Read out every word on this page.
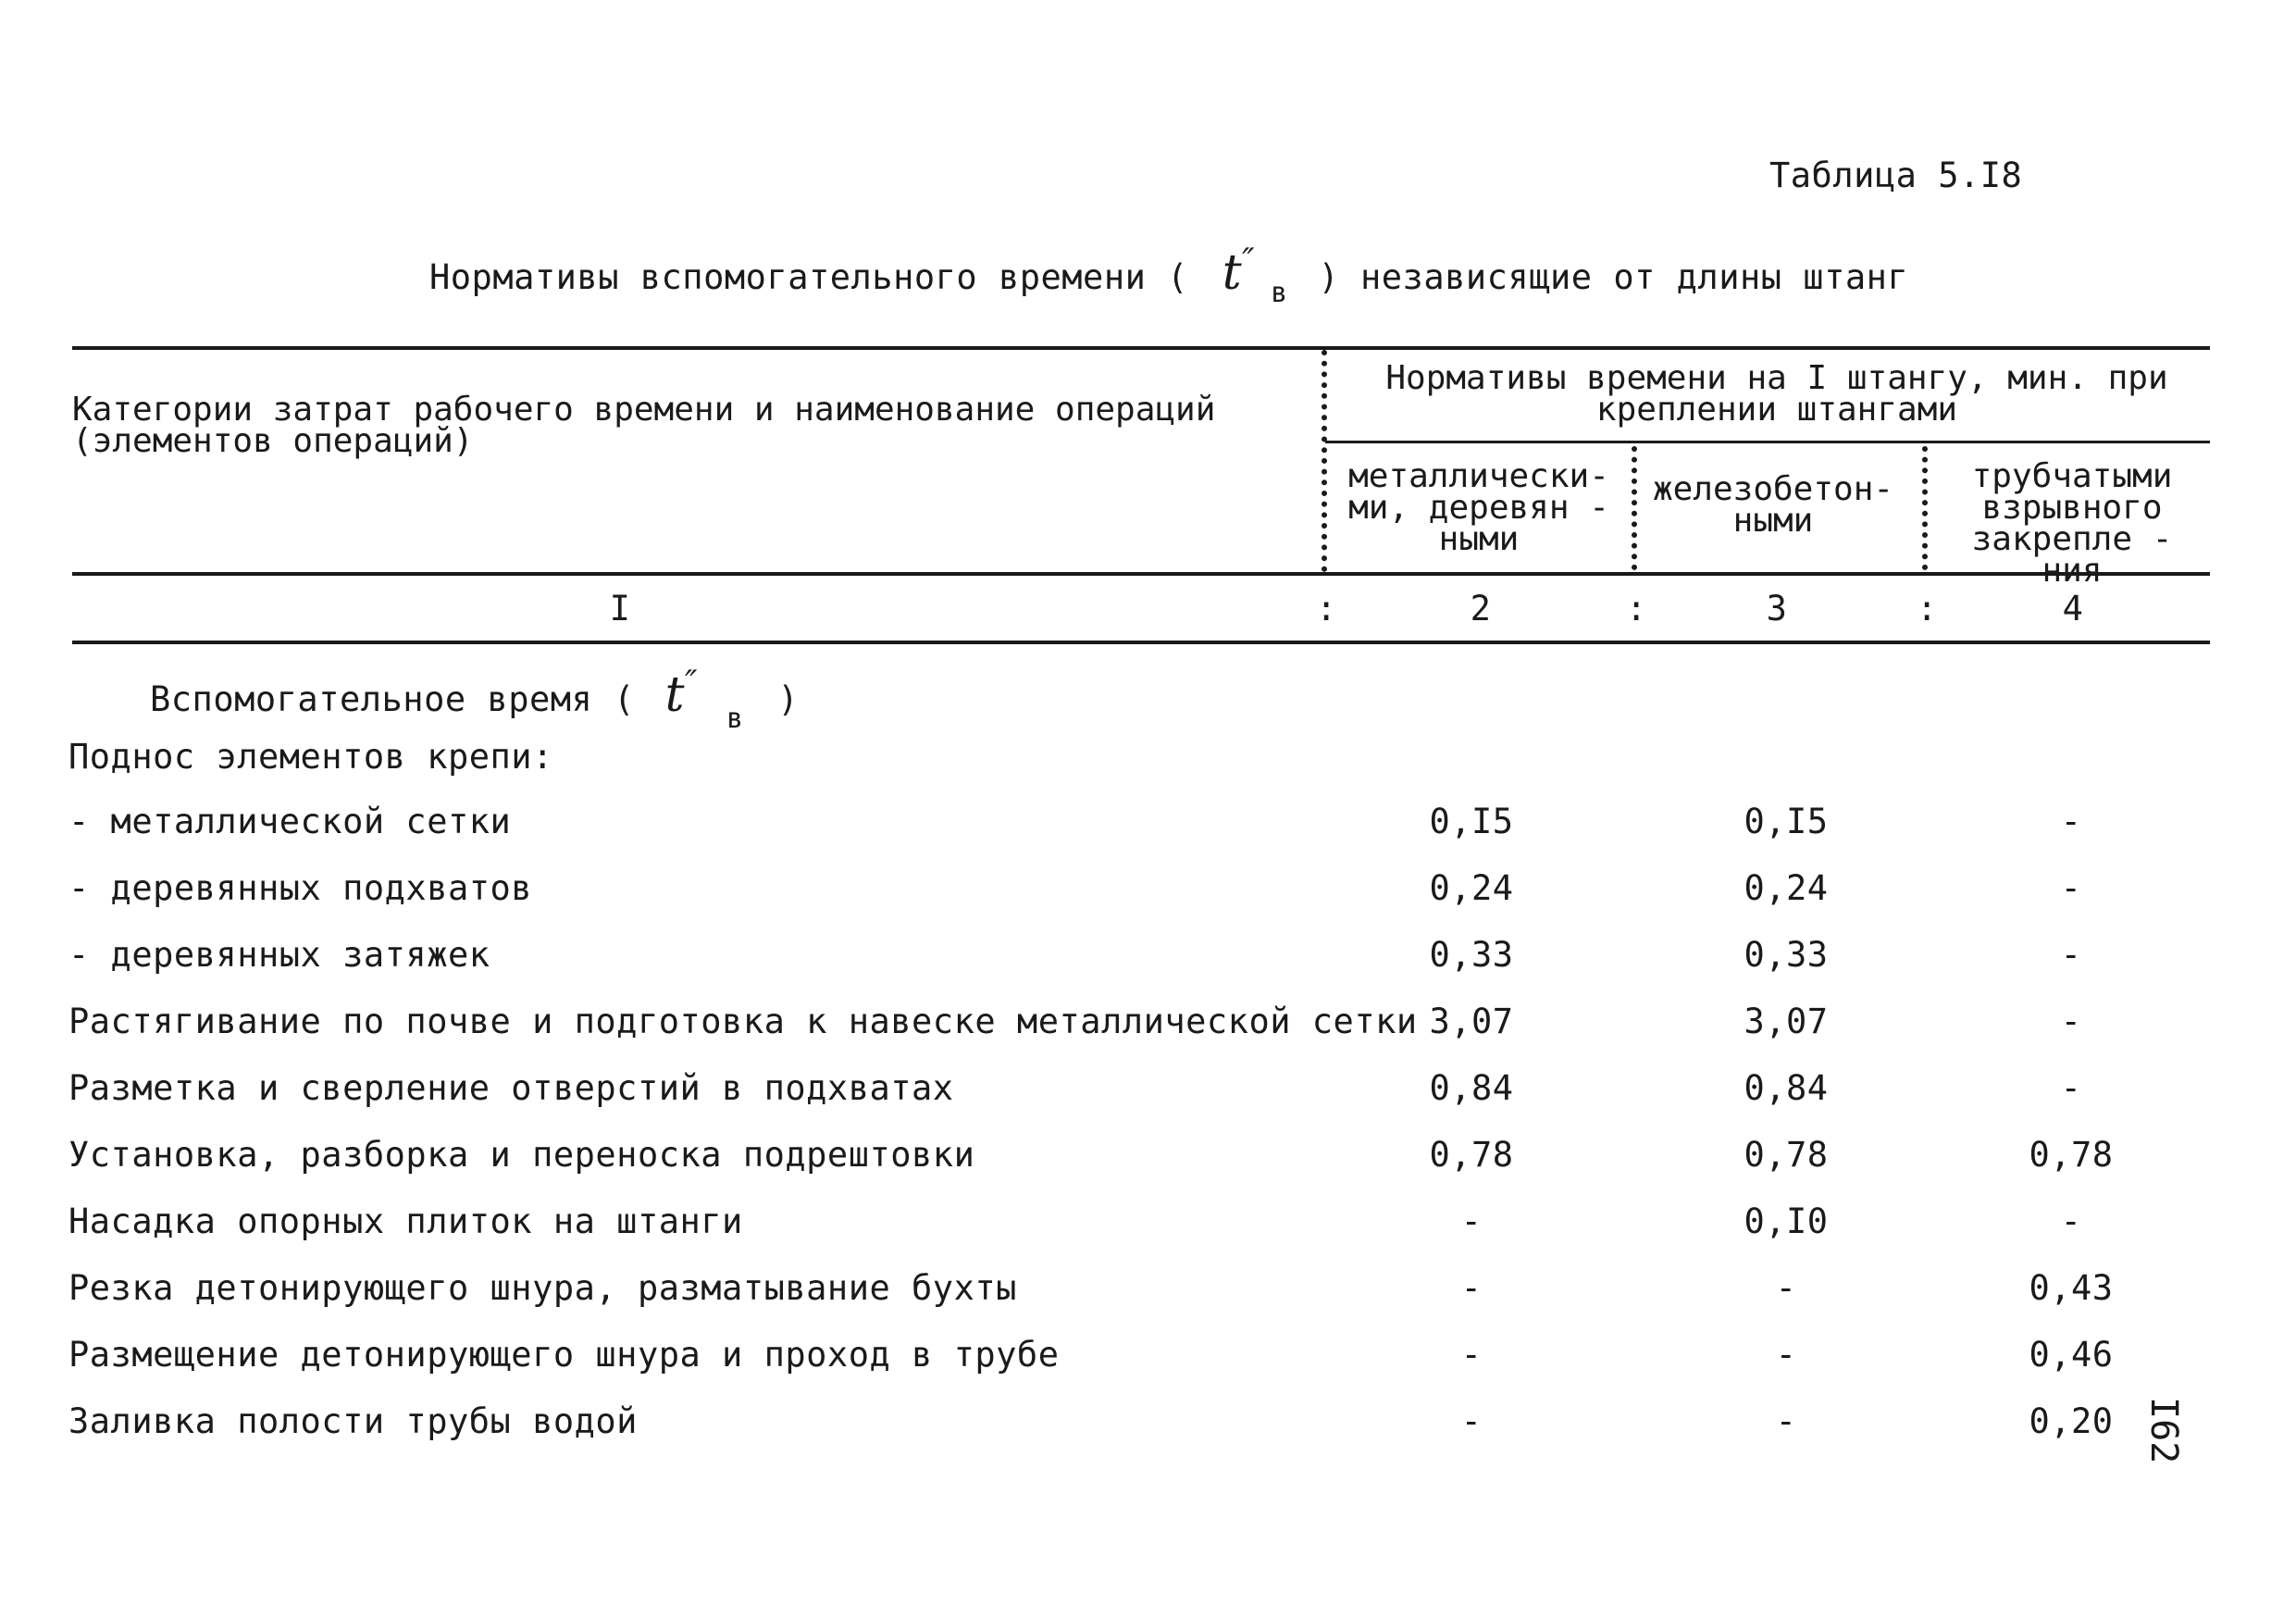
Таблица 5.I8
Нормативы вспомогательного времени ( t″ $_в$ ) независящие от длины штанг
Категории затрат рабочего времени и наименование операций (элементов операций)
Нормативы времени на I штангу, мин. при креплении штангами
металлически-ми, деревян - ными
железобетон- ными
трубчатыми взрывного закрепле - ния
I	:	2	:	3	:	4
Вспомогательное время ( t″ $_в$ )
Поднос элементов крепи:
- металлической сетки	0,I5	0,I5	-
- деревянных подхватов	0,24	0,24	-
- деревянных затяжек	0,33	0,33	-
Растягивание по почве и подготовка к навеске металлической сетки 3,07	3,07	-
Разметка и сверление отверстий в подхватах	0,84	0,84	-
Установка, разборка и переноска подрештовки	0,78	0,78	0,78
Насадка опорных плиток на штанги	-	0,I0	-
Резка детонирующего шнура, разматывание бухты	-	-	0,43
Размещение детонирующего шнура и проход в трубе	-	-	0,46
Заливка полости трубы водой	-	-	0,20 I62
